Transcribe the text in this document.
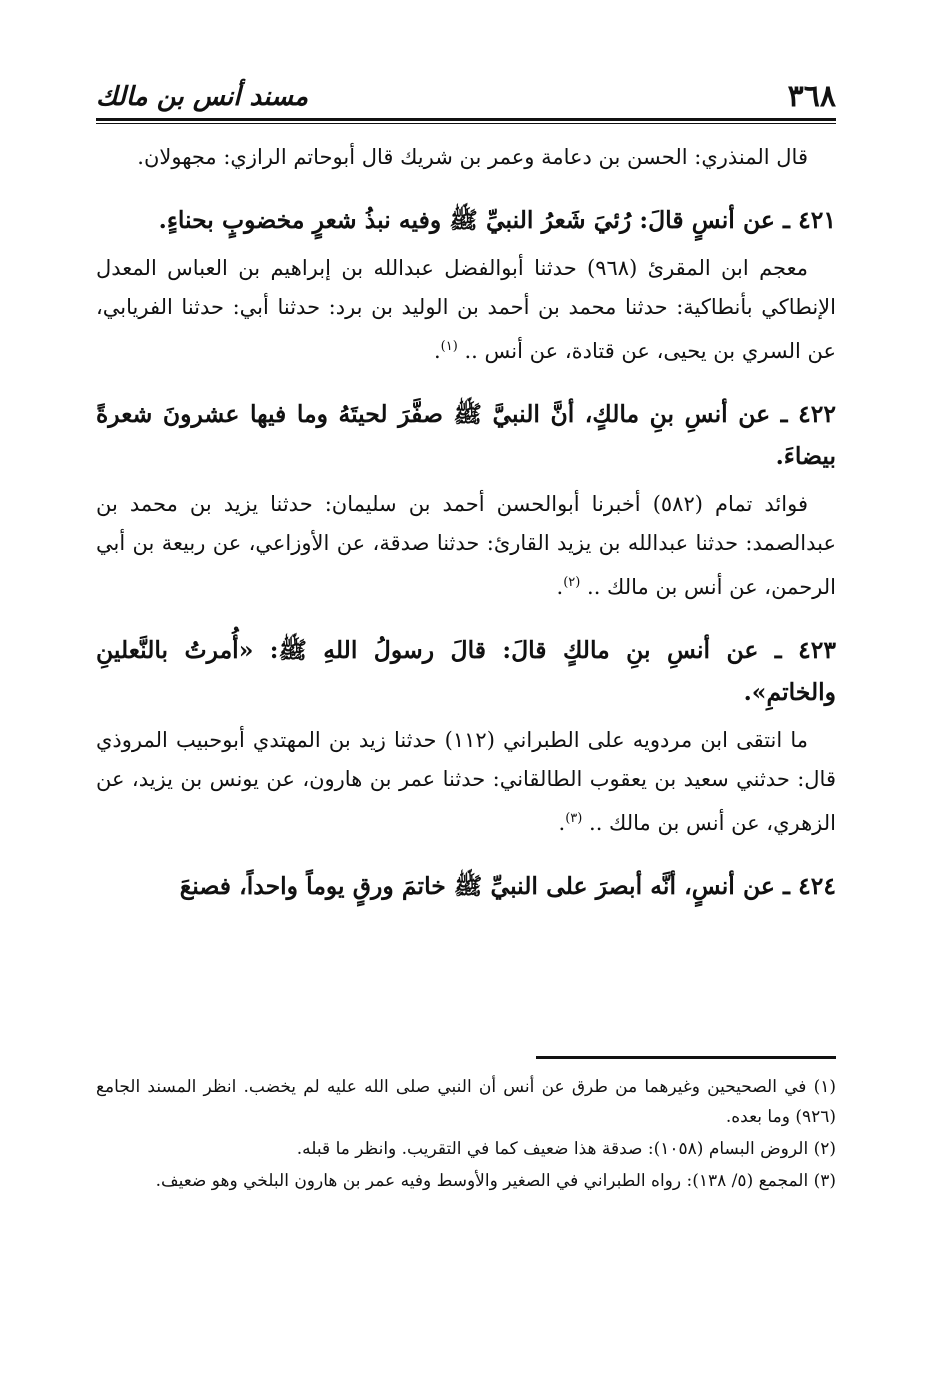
٣٦٨
مسند أنس بن مالك

قال المنذري: الحسن بن دعامة وعمر بن شريك قال أبوحاتم الرازي: مجهولان.

٤٢١ ـ عن أنسٍ قالَ: رُئيَ شَعرُ النبيِّ ﷺ وفيه نبذُ شعرٍ مخضوبٍ بحناءٍ.

معجم ابن المقرئ (٩٦٨) حدثنا أبوالفضل عبدالله بن إبراهيم بن العباس المعدل الإنطاكي بأنطاكية: حدثنا محمد بن أحمد بن الوليد بن برد: حدثنا أبي: حدثنا الفريابي، عن السري بن يحيى، عن قتادة، عن أنس .. $^{(١)}$.

٤٢٢ ـ عن أنسِ بنِ مالكٍ، أنَّ النبيَّ ﷺ صفَّرَ لحيتَهُ وما فيها عشرونَ شعرةً بيضاءَ.

فوائد تمام (٥٨٢) أخبرنا أبوالحسن أحمد بن سليمان: حدثنا يزيد بن محمد بن عبدالصمد: حدثنا عبدالله بن يزيد القارئ: حدثنا صدقة، عن الأوزاعي، عن ربيعة بن أبي الرحمن، عن أنس بن مالك .. $^{(٢)}$.

٤٢٣ ـ عن أنسِ بنِ مالكٍ قالَ: قالَ رسولُ اللهِ ﷺ: «أُمرتُ بالنَّعلينِ والخاتمِ».

ما انتقى ابن مردويه على الطبراني (١١٢) حدثنا زيد بن المهتدي أبوحبيب المروذي قال: حدثني سعيد بن يعقوب الطالقاني: حدثنا عمر بن هارون، عن يونس بن يزيد، عن الزهري، عن أنس بن مالك .. $^{(٣)}$.

٤٢٤ ـ عن أنسٍ، أنَّه أبصرَ على النبيِّ ﷺ خاتمَ ورقٍ يوماً واحداً، فصنعَ

(١) في الصحيحين وغيرهما من طرق عن أنس أن النبي صلى الله عليه لم يخضب. انظر المسند الجامع (٩٢٦) وما بعده.

(٢) الروض البسام (١٠٥٨): صدقة هذا ضعيف كما في التقريب. وانظر ما قبله.

(٣) المجمع (٥/ ١٣٨): رواه الطبراني في الصغير والأوسط وفيه عمر بن هارون البلخي وهو ضعيف.
